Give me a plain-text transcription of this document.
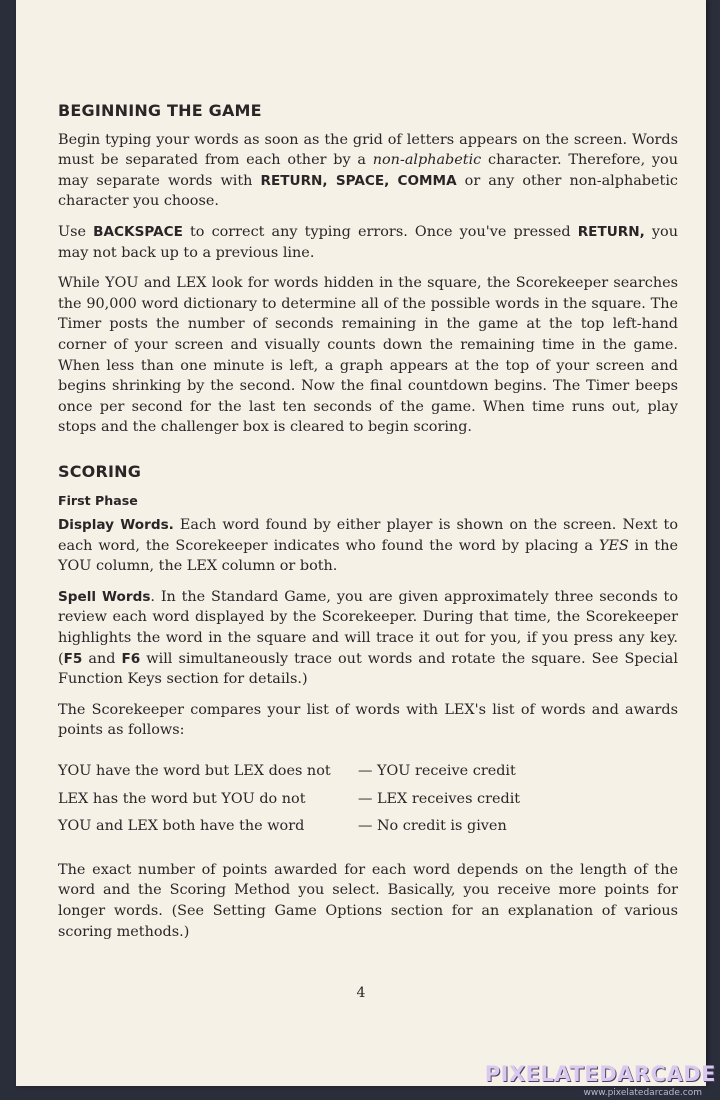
BEGINNING THE GAME

Begin typing your words as soon as the grid of letters appears on the screen. Words must be separated from each other by a non-alphabetic character. Therefore, you may separate words with RETURN, SPACE, COMMA or any other non-alphabetic character you choose.

Use BACKSPACE to correct any typing errors. Once you've pressed RETURN, you may not back up to a previous line.

While YOU and LEX look for words hidden in the square, the Scorekeeper searches the 90,000 word dictionary to determine all of the possible words in the square. The Timer posts the number of seconds remaining in the game at the top left-hand corner of your screen and visually counts down the remaining time in the game. When less than one minute is left, a graph appears at the top of your screen and begins shrinking by the second. Now the final countdown begins. The Timer beeps once per second for the last ten seconds of the game. When time runs out, play stops and the challenger box is cleared to begin scoring.

SCORING
First Phase

Display Words. Each word found by either player is shown on the screen. Next to each word, the Scorekeeper indicates who found the word by placing a YES in the YOU column, the LEX column or both.

Spell Words. In the Standard Game, you are given approximately three seconds to review each word displayed by the Scorekeeper. During that time, the Scorekeeper highlights the word in the square and will trace it out for you, if you press any key. (F5 and F6 will simultaneously trace out words and rotate the square. See Special Function Keys section for details.)

The Scorekeeper compares your list of words with LEX's list of words and awards points as follows:

YOU have the word but LEX does not	— YOU receive credit
LEX has the word but YOU do not	— LEX receives credit
YOU and LEX both have the word	— No credit is given

The exact number of points awarded for each word depends on the length of the word and the Scoring Method you select. Basically, you receive more points for longer words. (See Setting Game Options section for an explanation of various scoring methods.)

4
PIXELATEDARCADE
www.pixelatedarcade.com
